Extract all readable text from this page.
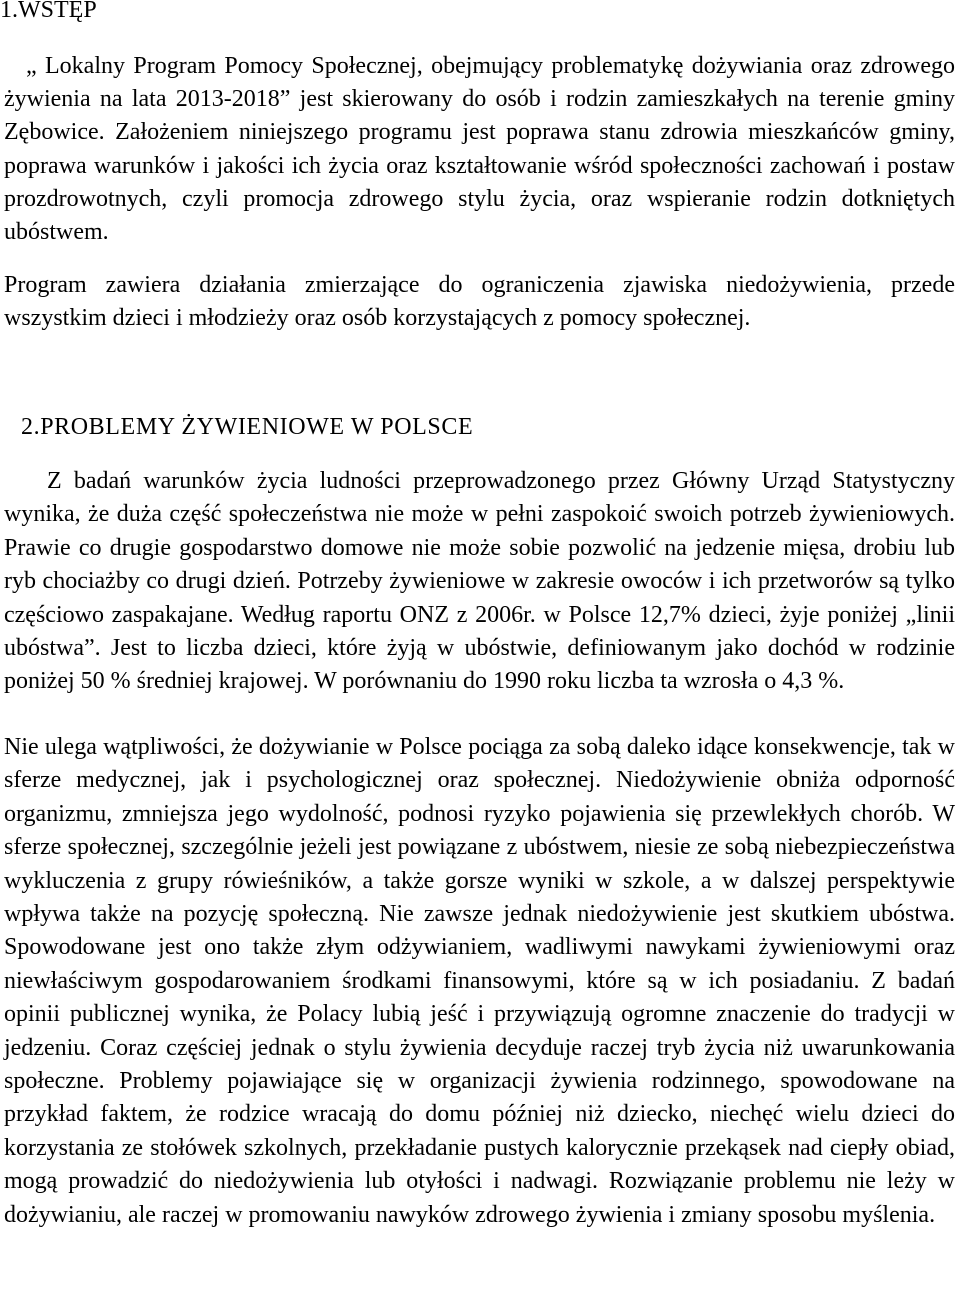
1.WSTĘP

„ Lokalny Program Pomocy Społecznej, obejmujący problematykę dożywiania oraz zdrowego żywienia na lata 2013-2018” jest skierowany do osób i rodzin zamieszkałych na terenie gminy Zębowice. Założeniem niniejszego programu jest poprawa stanu zdrowia mieszkańców gminy, poprawa warunków i jakości ich życia oraz kształtowanie wśród społeczności zachowań i postaw prozdrowotnych, czyli promocja zdrowego stylu życia, oraz wspieranie rodzin dotkniętych ubóstwem.

Program zawiera działania zmierzające do ograniczenia zjawiska niedożywienia, przede wszystkim dzieci i młodzieży oraz osób korzystających z pomocy społecznej.

2.PROBLEMY ŻYWIENIOWE W POLSCE

Z badań warunków życia ludności przeprowadzonego przez Główny Urząd Statystyczny wynika, że duża część społeczeństwa nie może w pełni zaspokoić swoich potrzeb żywieniowych. Prawie co drugie gospodarstwo domowe nie może sobie pozwolić na jedzenie mięsa, drobiu lub ryb chociażby co drugi dzień. Potrzeby żywieniowe w zakresie owoców i ich przetworów są tylko częściowo zaspakajane. Według raportu ONZ z 2006r. w Polsce 12,7% dzieci, żyje poniżej „linii ubóstwa”. Jest to liczba dzieci, które żyją w ubóstwie, definiowanym jako dochód w rodzinie poniżej 50 % średniej krajowej. W porównaniu do 1990 roku liczba ta wzrosła o 4,3 %.

Nie ulega wątpliwości, że dożywianie w Polsce pociąga za sobą daleko idące konsekwencje, tak w sferze medycznej, jak i psychologicznej oraz społecznej. Niedożywienie obniża odporność organizmu, zmniejsza jego wydolność, podnosi ryzyko pojawienia się przewlekłych chorób. W sferze społecznej, szczególnie jeżeli jest powiązane z ubóstwem, niesie ze sobą niebezpieczeństwa wykluczenia z grupy rówieśników, a także gorsze wyniki w szkole, a w dalszej perspektywie wpływa także na pozycję społeczną. Nie zawsze jednak niedożywienie jest skutkiem ubóstwa. Spowodowane jest ono także złym odżywianiem, wadliwymi nawykami żywieniowymi oraz niewłaściwym gospodarowaniem środkami finansowymi, które są w ich posiadaniu. Z badań opinii publicznej wynika, że Polacy lubią jeść i przywiązują ogromne znaczenie do tradycji w jedzeniu. Coraz częściej jednak o stylu żywienia decyduje raczej tryb życia niż uwarunkowania społeczne. Problemy pojawiające się w organizacji żywienia rodzinnego, spowodowane na przykład faktem, że rodzice wracają do domu później niż dziecko, niechęć wielu dzieci do korzystania ze stołówek szkolnych, przekładanie pustych kalorycznie przekąsek nad ciepły obiad, mogą prowadzić do niedożywienia lub otyłości i nadwagi. Rozwiązanie problemu nie leży w dożywianiu, ale raczej w promowaniu nawyków zdrowego żywienia i zmiany sposobu myślenia.
